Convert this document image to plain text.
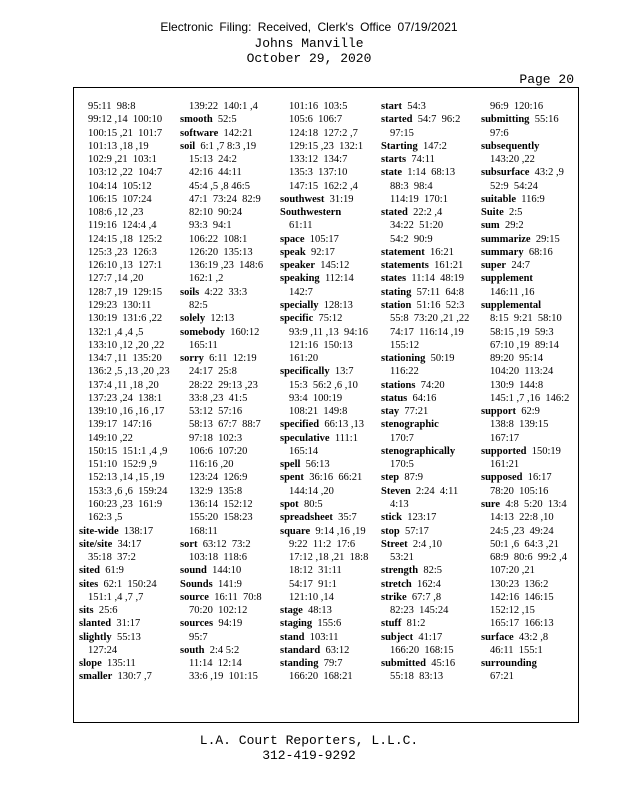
Electronic Filing: Received, Clerk's Office 07/19/2021
Johns Manville
October 29, 2020
Page 20
95:11  98:8
99:12 ,14  100:10
100:15 ,21  101:7
101:13 ,18 ,19
102:9 ,21  103:1
103:12 ,22  104:7
104:14  105:12
106:15  107:24
108:6 ,12 ,23
119:16  124:4 ,4
124:15 ,18  125:2
125:3 ,23  126:3
126:10 ,13  127:1
127:7 ,14 ,20
128:7 ,19  129:15
129:23  130:11
130:19  131:6 ,22
132:1 ,4 ,4 ,5
133:10 ,12 ,20 ,22
134:7 ,11  135:20
136:2 ,5 ,13 ,20 ,23
137:4 ,11 ,18 ,20
137:23 ,24  138:1
139:10 ,16 ,16 ,17
139:17  147:16
149:10 ,22
150:15  151:1 ,4 ,9
151:10  152:9 ,9
152:13 ,14 ,15 ,19
153:3 ,6 ,6  159:24
160:23 ,23  161:9
162:3 ,5
site-wide  138:17
site/site  34:17
35:18  37:2
sited  61:9
sites  62:1  150:24
151:1 ,4 ,7 ,7
sits  25:6
slanted  31:17
slightly  55:13
127:24
slope  135:11
smaller  130:7 ,7
139:22  140:1 ,4
smooth  52:5
software  142:21
soil  6:1 ,7 8:3 ,19
15:13  24:2
42:16  44:11
45:4 ,5 ,8 46:5
47:1  73:24  82:9
82:10  90:24
93:3  94:1
106:22  108:1
126:20  135:13
136:19 ,23  148:6
162:1 ,2
soils  4:22  33:3
82:5
solely  12:13
somebody  160:12
165:11
sorry  6:11  12:19
24:17  25:8
28:22  29:13 ,23
33:8 ,23  41:5
53:12  57:16
58:13  67:7  88:7
97:18  102:3
106:6  107:20
116:16 ,20
123:24  126:9
132:9  135:8
136:14  152:12
155:20  158:23
168:11
sort  63:12  73:2
103:18  118:6
sound  144:10
Sounds  141:9
source  16:11  70:8
70:20  102:12
sources  94:19
95:7
south  2:4 5:2
11:14  12:14
33:6 ,19  101:15
101:16  103:5
105:6  106:7
124:18  127:2 ,7
129:15 ,23  132:1
133:12  134:7
135:3  137:10
147:15  162:2 ,4
southwest  31:19
Southwestern
61:11
space  105:17
speak  92:17
speaker  145:12
speaking  112:14
142:7
specially  128:13
specific  75:12
93:9 ,11 ,13  94:16
121:16  150:13
161:20
specifically  13:7
15:3  56:2 ,6 ,10
93:4  100:19
108:21  149:8
specified  66:13 ,13
speculative  111:1
165:14
spell  56:13
spent  36:16  66:21
144:14 ,20
spot  80:5
spreadsheet  35:7
square  9:14 ,16 ,19
9:22  11:2  17:6
17:12 ,18 ,21  18:8
18:12  31:11
54:17  91:1
121:10 ,14
stage  48:13
staging  155:6
stand  103:11
standard  63:12
standing  79:7
166:20  168:21
start  54:3
started  54:7  96:2
97:15
Starting  147:2
starts  74:11
state  1:14  68:13
88:3  98:4
114:19  170:1
stated  22:2 ,4
34:22  51:20
54:2  90:9
statement  16:21
statements  161:21
states  11:14  48:19
stating  57:11  64:8
station  51:16  52:3
55:8  73:20 ,21 ,22
74:17  116:14 ,19
155:12
stationing  50:19
116:22
stations  74:20
status  64:16
stay  77:21
stenographic
170:7
stenographically
170:5
step  87:9
Steven  2:24  4:11
4:13
stick  123:17
stop  57:17
Street  2:4 ,10
53:21
strength  82:5
stretch  162:4
strike  67:7 ,8
82:23  145:24
stuff  81:2
subject  41:17
166:20  168:15
submitted  45:16
55:18  83:13
96:9  120:16
submitting  55:16
97:6
subsequently
143:20 ,22
subsurface  43:2 ,9
52:9  54:24
suitable  116:9
Suite  2:5
sum  29:2
summarize  29:15
summary  68:16
super  24:7
supplement
146:11 ,16
supplemental
8:15  9:21  58:10
58:15 ,19  59:3
67:10 ,19  89:14
89:20  95:14
104:20  113:24
130:9  144:8
145:1 ,7 ,16  146:2
support  62:9
138:8  139:15
167:17
supported  150:19
161:21
supposed  16:17
78:20  105:16
sure  4:8  5:20  13:4
14:13  22:8 ,10
24:5 ,23  49:24
50:1 ,6  64:3 ,21
68:9  80:6  99:2 ,4
107:20 ,21
130:23  136:2
142:16  146:15
152:12 ,15
165:17  166:13
surface  43:2 ,8
46:11  155:1
surrounding
67:21
L.A. Court Reporters, L.L.C.
312-419-9292
